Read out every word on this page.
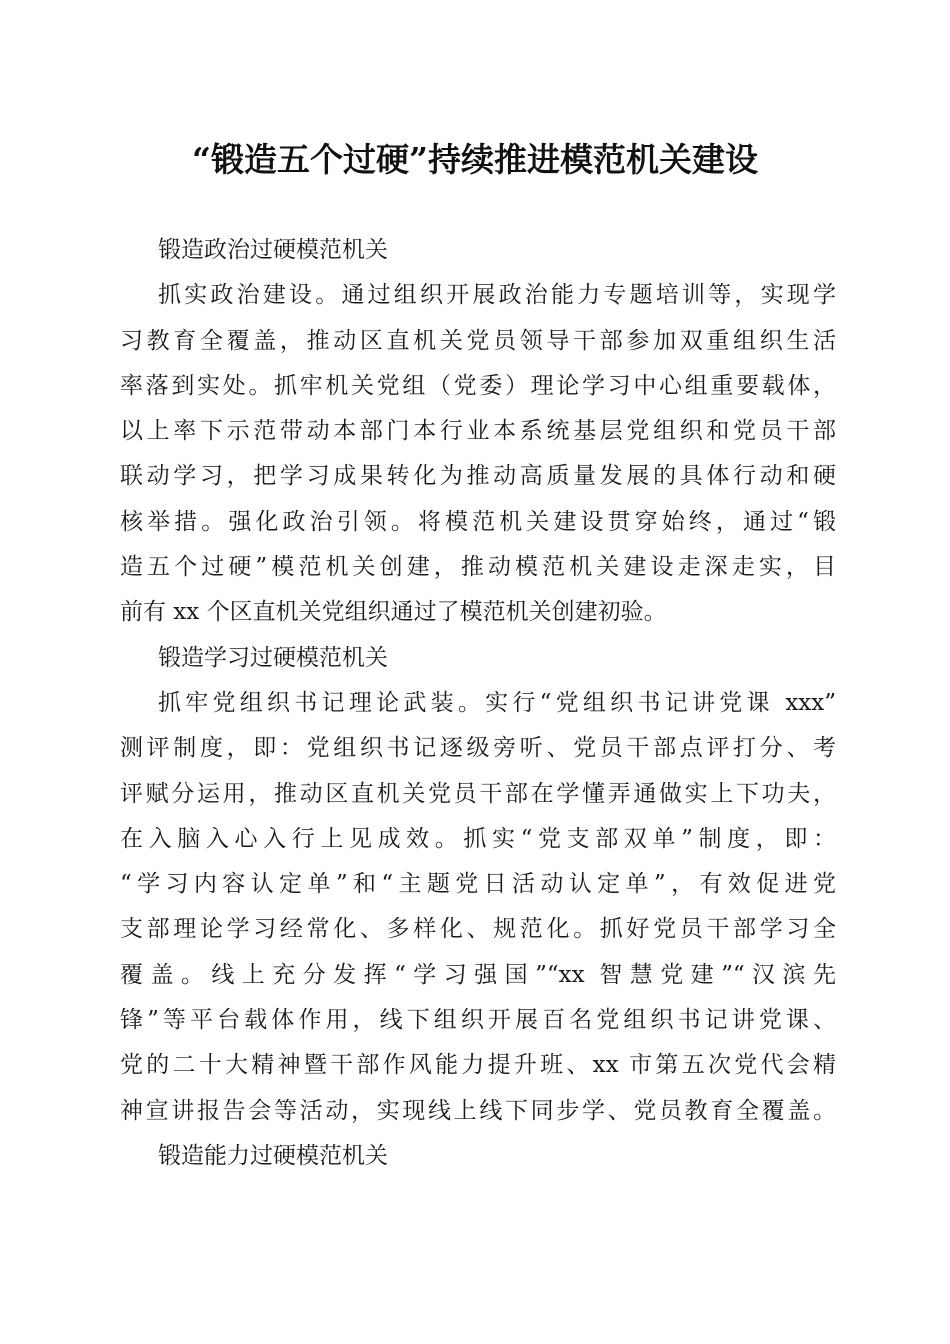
“锻造五个过硬”持续推进模范机关建设
锻造政治过硬模范机关
抓实政治建设。通过组织开展政治能力专题培训等，实现学
习教育全覆盖，推动区直机关党员领导干部参加双重组织生活
率落到实处。抓牢机关党组（党委）理论学习中心组重要载体，
以上率下示范带动本部门本行业本系统基层党组织和党员干部
联动学习，把学习成果转化为推动高质量发展的具体行动和硬
核举措。强化政治引领。将模范机关建设贯穿始终，通过“锻
造五个过硬”模范机关创建，推动模范机关建设走深走实，目
前有 xx 个区直机关党组织通过了模范机关创建初验。
锻造学习过硬模范机关
抓牢党组织书记理论武装。实行“党组织书记讲党课 xxx”
测评制度，即：党组织书记逐级旁听、党员干部点评打分、考
评赋分运用，推动区直机关党员干部在学懂弄通做实上下功夫，
在入脑入心入行上见成效。抓实“党支部双单”制度，即：
“学习内容认定单”和“主题党日活动认定单”，有效促进党
支部理论学习经常化、多样化、规范化。抓好党员干部学习全
覆盖。线上充分发挥“学习强国”“xx 智慧党建”“汉滨先
锋”等平台载体作用，线下组织开展百名党组织书记讲党课、
党的二十大精神暨干部作风能力提升班、xx 市第五次党代会精
神宣讲报告会等活动，实现线上线下同步学、党员教育全覆盖。
锻造能力过硬模范机关
